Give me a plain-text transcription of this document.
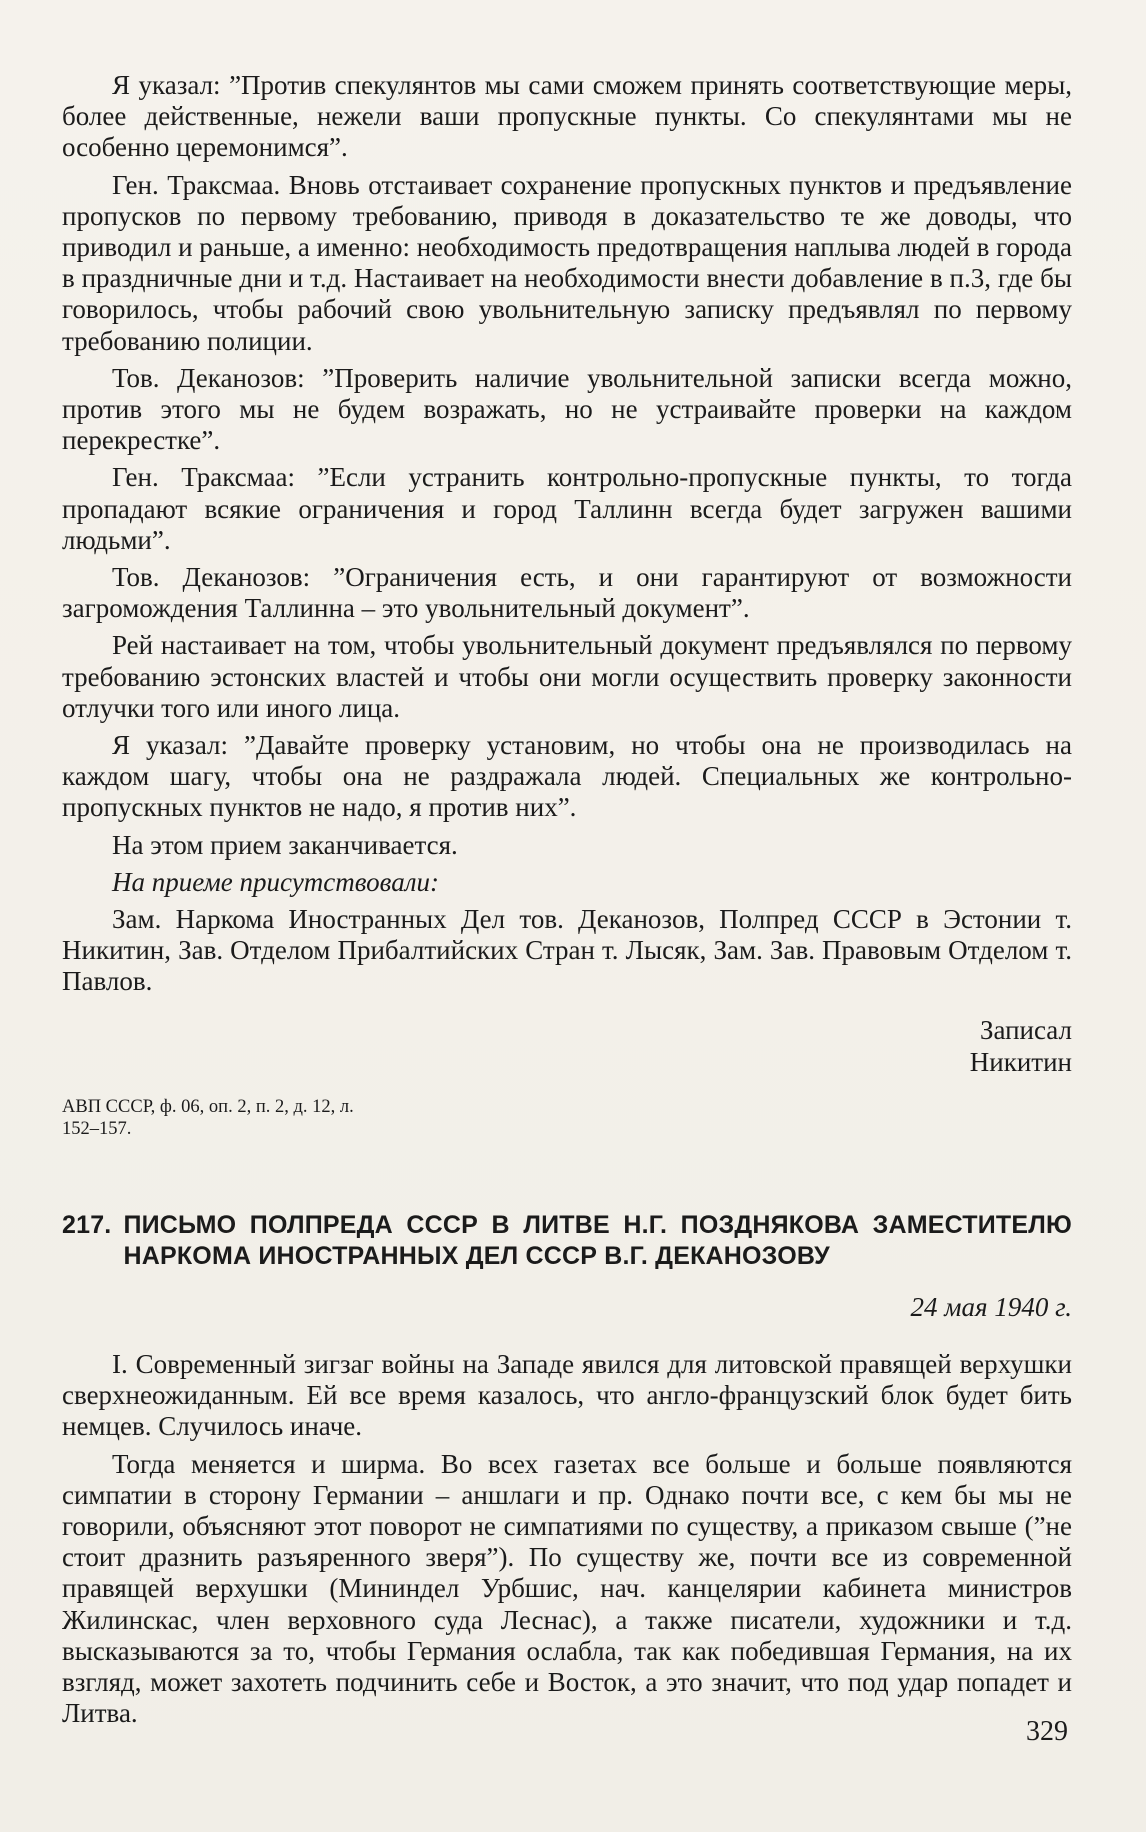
Я указал: ”Против спекулянтов мы сами сможем принять соответствующие меры, более действенные, нежели ваши пропускные пункты. Со спекулянтами мы не особенно церемонимся”.

Ген. Траксмаа. Вновь отстаивает сохранение пропускных пунктов и предъявление пропусков по первому требованию, приводя в доказательство те же доводы, что приводил и раньше, а именно: необходимость предотвращения наплыва людей в города в праздничные дни и т.д. Настаивает на необходимости внести добавление в п.3, где бы говорилось, чтобы рабочий свою увольнительную записку предъявлял по первому требованию полиции.

Тов. Деканозов: ”Проверить наличие увольнительной записки всегда можно, против этого мы не будем возражать, но не устраивайте проверки на каждом перекрестке”.

Ген. Траксмаа: ”Если устранить контрольно-пропускные пункты, то тогда пропадают всякие ограничения и город Таллинн всегда будет загружен вашими людьми”.

Тов. Деканозов: ”Ограничения есть, и они гарантируют от возможности загромождения Таллинна – это увольнительный документ”.

Рей настаивает на том, чтобы увольнительный документ предъявлялся по первому требованию эстонских властей и чтобы они могли осуществить проверку законности отлучки того или иного лица.

Я указал: ”Давайте проверку установим, но чтобы она не производилась на каждом шагу, чтобы она не раздражала людей. Специальных же контрольно-пропускных пунктов не надо, я против них”.

На этом прием заканчивается.

На приеме присутствовали:

Зам. Наркома Иностранных Дел тов. Деканозов, Полпред СССР в Эстонии т. Никитин, Зав. Отделом Прибалтийских Стран т. Лысяк, Зам. Зав. Правовым Отделом т. Павлов.

Записал
Никитин
АВП СССР, ф. 06, оп. 2, п. 2, д. 12, л. 152–157.
217. ПИСЬМО ПОЛПРЕДА СССР В ЛИТВЕ Н.Г. ПОЗДНЯКОВА ЗАМЕСТИТЕЛЮ НАРКОМА ИНОСТРАННЫХ ДЕЛ СССР В.Г. ДЕКАНОЗОВУ
24 мая 1940 г.

I. Современный зигзаг войны на Западе явился для литовской правящей верхушки сверхнеожиданным. Ей все время казалось, что англо-французский блок будет бить немцев. Случилось иначе.

Тогда меняется и ширма. Во всех газетах все больше и больше появляются симпатии в сторону Германии – аншлаги и пр. Однако почти все, с кем бы мы не говорили, объясняют этот поворот не симпатиями по существу, а приказом свыше (”не стоит дразнить разъяренного зверя”). По существу же, почти все из современной правящей верхушки (Мининдел Урбшис, нач. канцелярии кабинета министров Жилинскас, член верховного суда Леснас), а также писатели, художники и т.д. высказываются за то, чтобы Германия ослабла, так как победившая Германия, на их взгляд, может захотеть подчинить себе и Восток, а это значит, что под удар попадет и Литва.

329
